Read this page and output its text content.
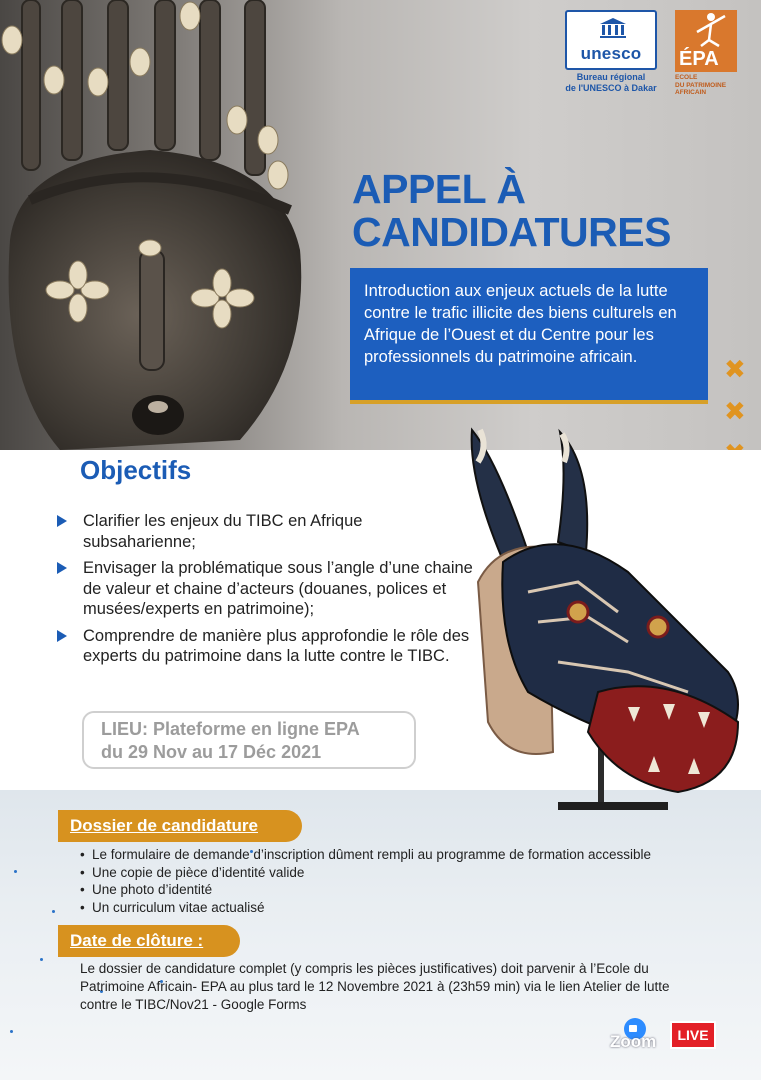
unesco
Bureau régional
de l'UNESCO à Dakar
ÉPA
ECOLE
DU PATRIMOINE
AFRICAIN
APPEL À
CANDIDATURES

Introduction aux enjeux actuels de la lutte contre le trafic illicite des biens culturels en Afrique de l’Ouest et du Centre pour les professionnels du patrimoine africain.	✖
✖
Objectifs
Clarifier les enjeux du TIBC en Afrique subsaharienne;
Envisager la problématique sous l’angle d’une chaine de valeur et chaine d’acteurs (douanes, polices et musées/experts en patrimoine);
Comprendre de manière plus approfondie le rôle des experts du patrimoine dans la lutte contre le TIBC.
LIEU: Plateforme en ligne EPA
du 29 Nov au 17 Déc 2021
Dossier de candidature
• Le formulaire de demande d’inscription dûment rempli au programme de formation accessible
• Une copie de pièce d’identité valide
• Une photo d’identité
• Un curriculum vitae actualisé
Date de clôture :

Le dossier de candidature complet (y compris les pièces justificatives) doit parvenir à l’Ecole du Patrimoine Africain- EPA au plus tard le 12 Novembre 2021 à (23h59 min) via le lien Atelier de lutte contre le TIBC/Nov21 - Google Forms

Zoom	LIVE
